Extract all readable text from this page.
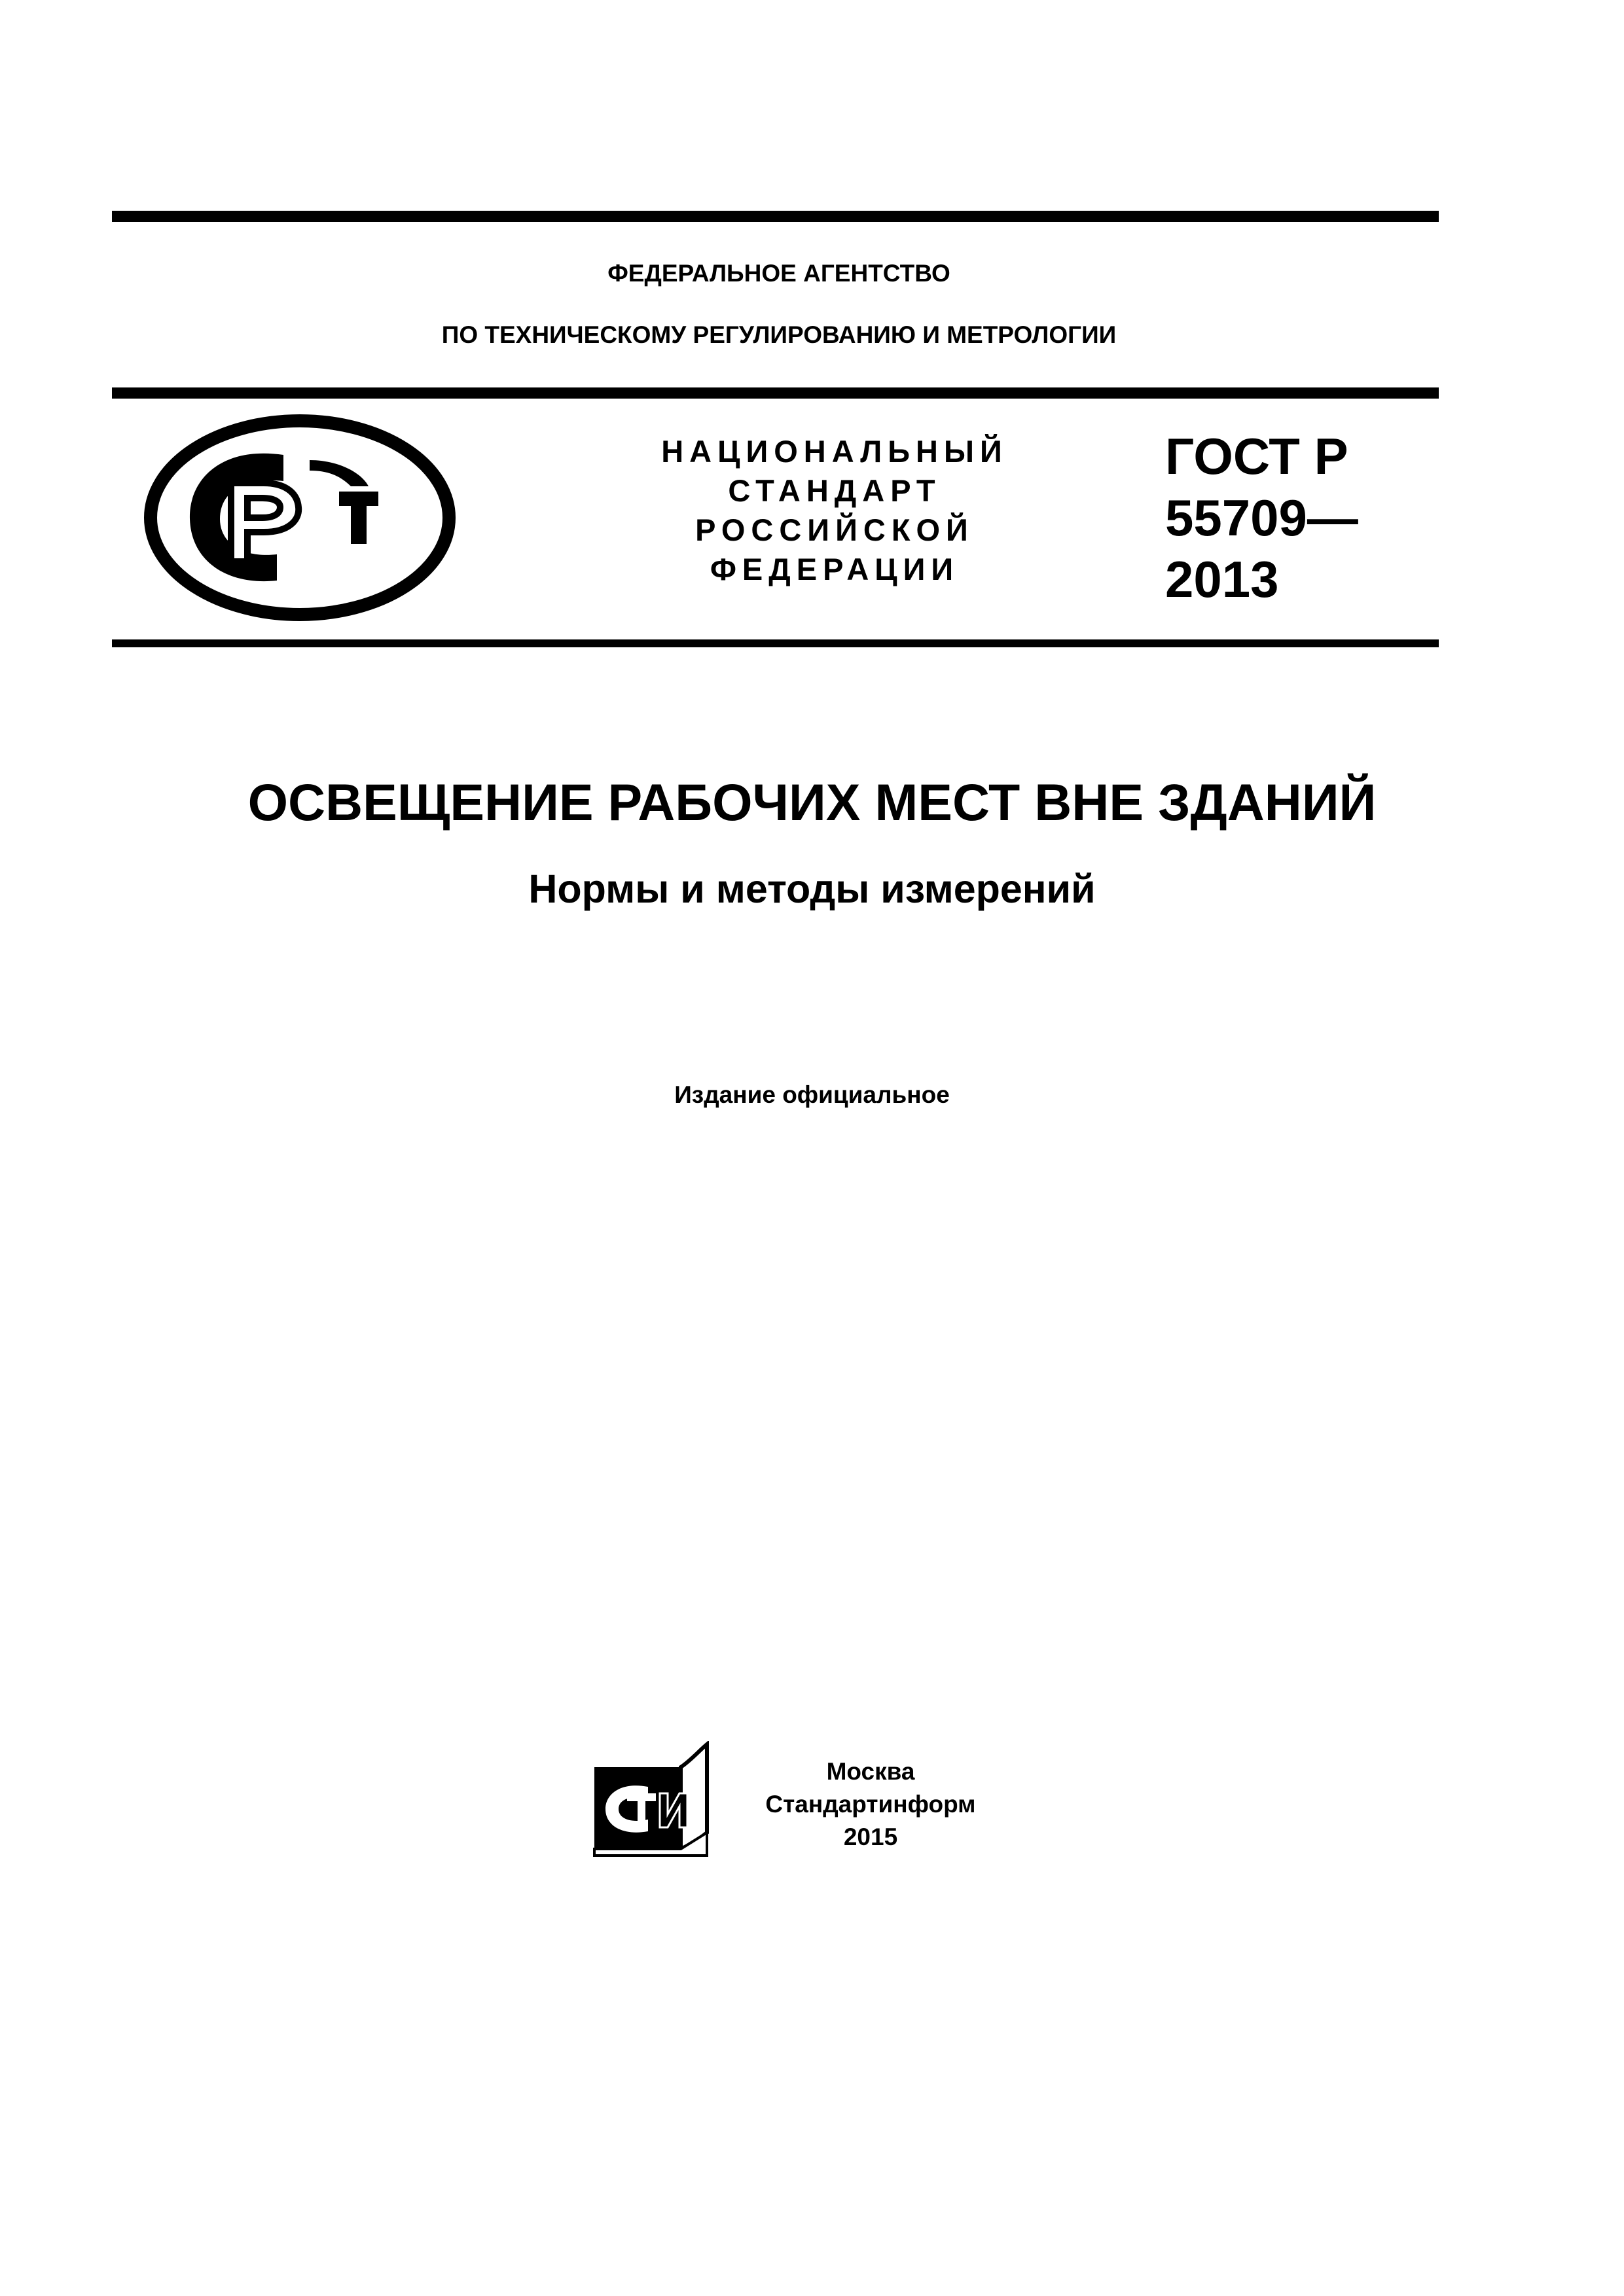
ФЕДЕРАЛЬНОЕ АГЕНТСТВО
ПО ТЕХНИЧЕСКОМУ РЕГУЛИРОВАНИЮ И МЕТРОЛОГИИ
НАЦИОНАЛЬНЫЙ
СТАНДАРТ
РОССИЙСКОЙ
ФЕДЕРАЦИИ
ГОСТ Р
55709—
2013
ОСВЕЩЕНИЕ РАБОЧИХ МЕСТ ВНЕ ЗДАНИЙ
Нормы и методы измерений
Издание официальное
Москва
Стандартинформ
2015
